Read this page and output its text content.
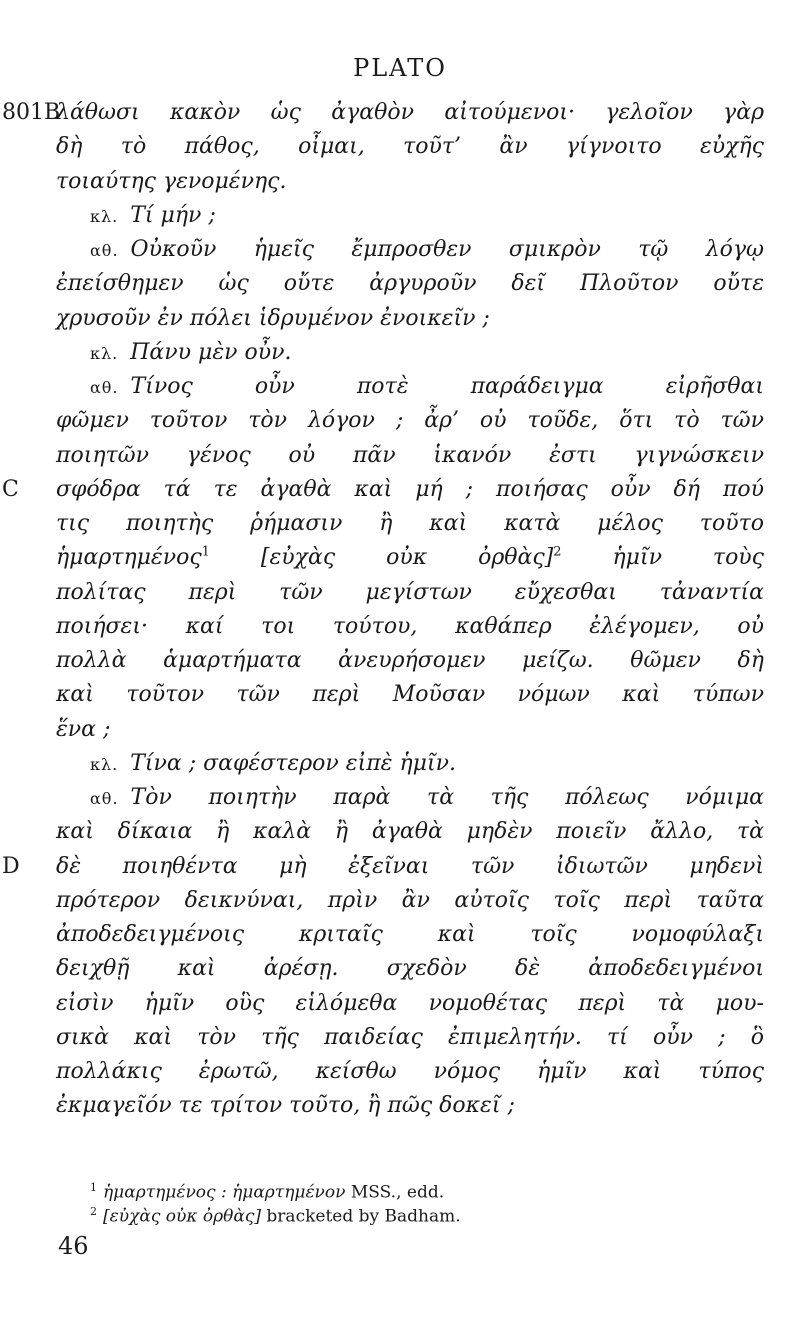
PLATO
801B
λάθωσι κακὸν ὡς ἀγαθὸν αἰτούμενοι· γελοῖον γὰρ
δὴ τὸ πάθος, οἶμαι, τοῦτ’ ἂν γίγνοιτο εὐχῆς
τοιαύτης γενομένης.
κλ. Τί μήν ;
αθ. Οὐκοῦν ἡμεῖς ἔμπροσθεν σμικρὸν τῷ λόγῳ
ἐπείσθημεν ὡς οὔτε ἀργυροῦν δεῖ Πλοῦτον οὔτε
χρυσοῦν ἐν πόλει ἱδρυμένον ἐνοικεῖν ;
κλ. Πάνυ μὲν οὖν.
αθ. Τίνος οὖν ποτὲ παράδειγμα εἰρῆσθαι
φῶμεν τοῦτον τὸν λόγον ; ἆρ’ οὐ τοῦδε, ὅτι τὸ τῶν
ποιητῶν γένος οὐ πᾶν ἱκανόν ἐστι γιγνώσκειν
C	σφόδρα τά τε ἀγαθὰ καὶ μή ; ποιήσας οὖν δή πού
τις ποιητὴς ῥήμασιν ἢ καὶ κατὰ μέλος τοῦτο
ἡμαρτημένος$^1$ [εὐχὰς οὐκ ὀρθὰς]$^2$ ἡμῖν τοὺς
πολίτας περὶ τῶν μεγίστων εὔχεσθαι τἀναντία
ποιήσει· καί τοι τούτου, καθάπερ ἐλέγομεν, οὐ
πολλὰ ἁμαρτήματα ἀνευρήσομεν μείζω. θῶμεν δὴ
καὶ τοῦτον τῶν περὶ Μοῦσαν νόμων καὶ τύπων
ἕνα ;
κλ. Τίνα ; σαφέστερον εἰπὲ ἡμῖν.
αθ. Τὸν ποιητὴν παρὰ τὰ τῆς πόλεως νόμιμα
καὶ δίκαια ἢ καλὰ ἢ ἀγαθὰ μηδὲν ποιεῖν ἄλλο, τὰ
D	δὲ ποιηθέντα μὴ ἐξεῖναι τῶν ἰδιωτῶν μηδενὶ
πρότερον δεικνύναι, πρὶν ἂν αὐτοῖς τοῖς περὶ ταῦτα
ἀποδεδειγμένοις κριταῖς καὶ τοῖς νομοφύλαξι
δειχθῇ καὶ ἀρέσῃ. σχεδὸν δὲ ἀποδεδειγμένοι
εἰσὶν ἡμῖν οὓς εἱλόμεθα νομοθέτας περὶ τὰ μου-
σικὰ καὶ τὸν τῆς παιδείας ἐπιμελητήν. τί οὖν ; ὃ
πολλάκις ἐρωτῶ, κείσθω νόμος ἡμῖν καὶ τύπος
ἐκμαγεῖόν τε τρίτον τοῦτο, ἢ πῶς δοκεῖ ;
$^1$ ἡμαρτημένος : ἡμαρτημένον MSS., edd.
$^2$ [εὐχὰς οὐκ ὀρθὰς] bracketed by Badham.
46
